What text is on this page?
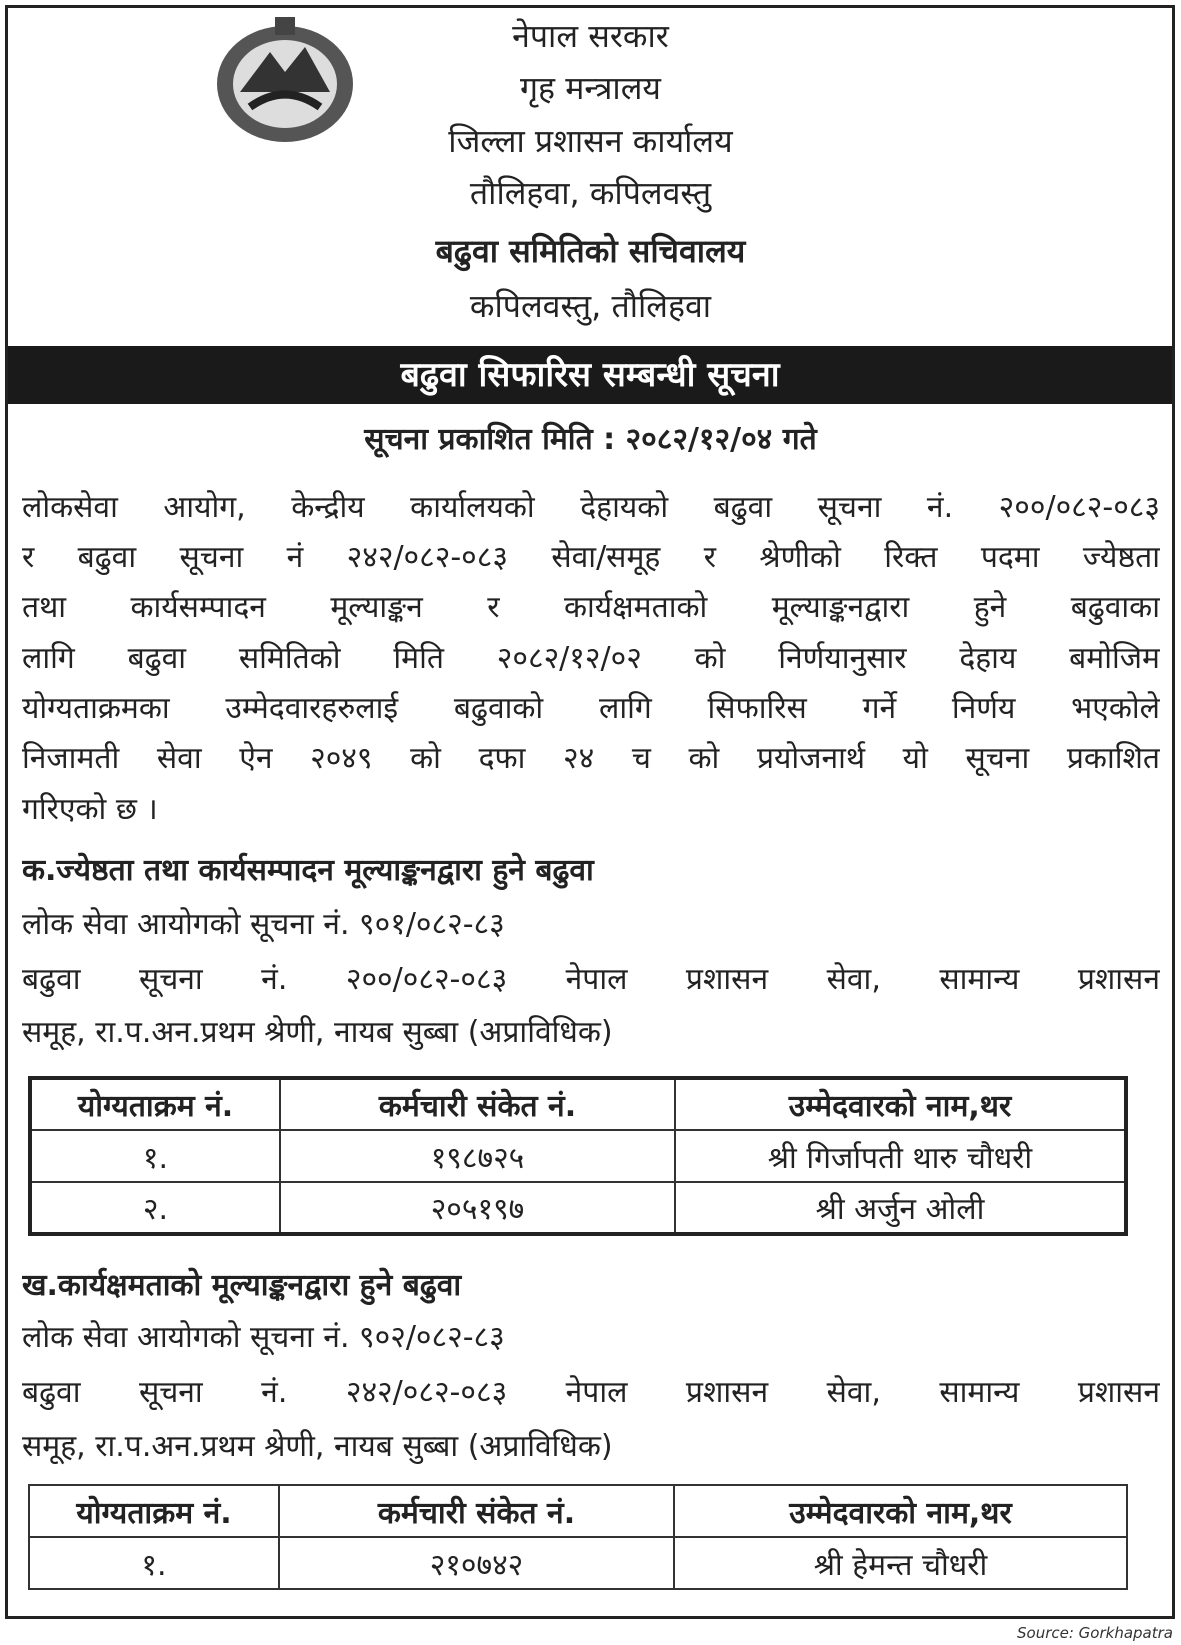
नेपाल सरकार
गृह मन्त्रालय
जिल्ला प्रशासन कार्यालय
तौलिहवा, कपिलवस्तु
बढुवा समितिको सचिवालय
कपिलवस्तु, तौलिहवा
बढुवा सिफारिस सम्बन्धी सूचना
सूचना प्रकाशित मिति : २०८२/१२/०४ गते
लोकसेवा आयोग, केन्द्रीय कार्यालयको देहायको बढुवा सूचना नं. २००/०८२-०८३
र बढुवा सूचना नं २४२/०८२-०८३ सेवा/समूह र श्रेणीको रिक्त पदमा ज्येष्ठता
तथा कार्यसम्पादन मूल्याङ्कन र कार्यक्षमताको मूल्याङ्कनद्वारा हुने बढुवाका
लागि बढुवा समितिको मिति २०८२/१२/०२ को निर्णयानुसार देहाय बमोजिम
योग्यताक्रमका उम्मेदवारहरुलाई बढुवाको लागि सिफारिस गर्ने निर्णय भएकोले
निजामती सेवा ऐन २०४९ को दफा २४ च को प्रयोजनार्थ यो सूचना प्रकाशित
गरिएको छ ।
क.ज्येष्ठता तथा कार्यसम्पादन मूल्याङ्कनद्वारा हुने बढुवा
लोक सेवा आयोगको सूचना नं. ९०१/०८२-८३
बढुवा सूचना नं. २००/०८२-०८३ नेपाल प्रशासन सेवा, सामान्य प्रशासन
समूह, रा.प.अन.प्रथम श्रेणी, नायब सुब्बा (अप्राविधिक)
योग्यताक्रम नं.	कर्मचारी संकेत नं.	उम्मेदवारको नाम,थर
१.	१९८७२५	श्री गिर्जापती थारु चौधरी
२.	२०५१९७	श्री अर्जुन ओली
ख.कार्यक्षमताको मूल्याङ्कनद्वारा हुने बढुवा
लोक सेवा आयोगको सूचना नं. ९०२/०८२-८३
बढुवा सूचना नं. २४२/०८२-०८३ नेपाल प्रशासन सेवा, सामान्य प्रशासन
समूह, रा.प.अन.प्रथम श्रेणी, नायब सुब्बा (अप्राविधिक)
योग्यताक्रम नं.	कर्मचारी संकेत नं.	उम्मेदवारको नाम,थर
१.	२१०७४२	श्री हेमन्त चौधरी
Source: Gorkhapatra
